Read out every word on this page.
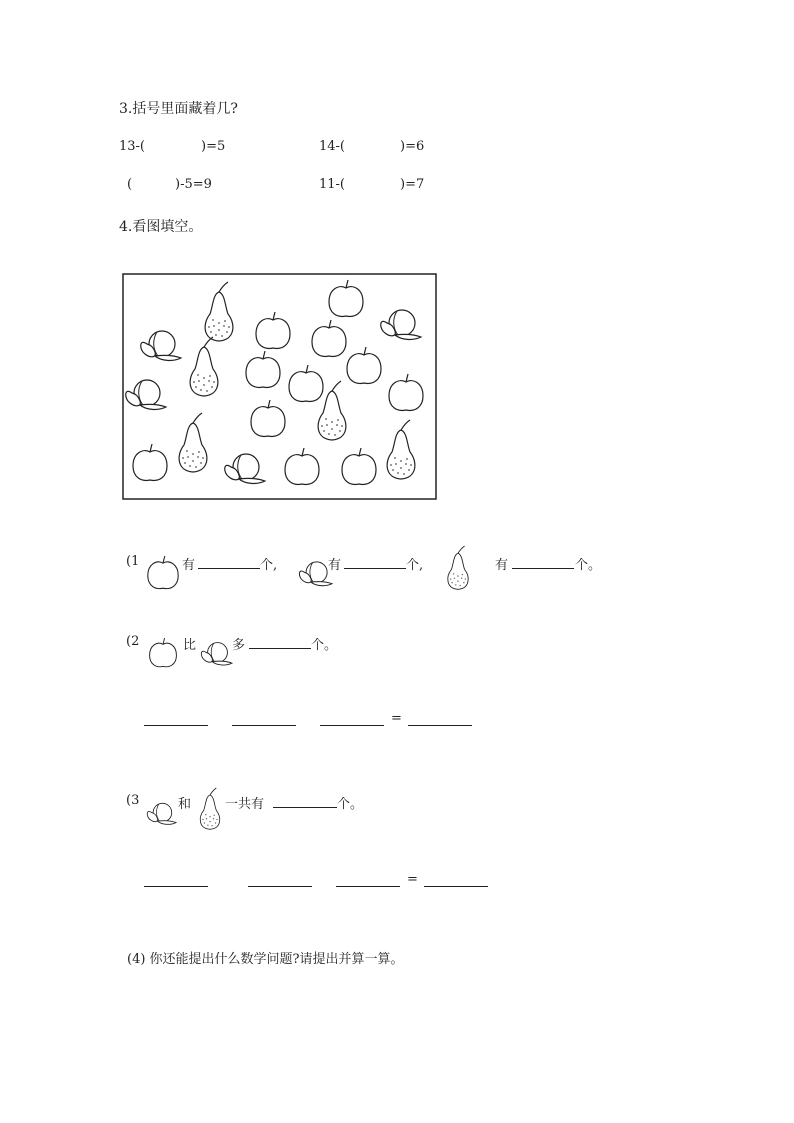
3.括号里面藏着几?
13-(	)=5	14-(	)=6
(	)-5=9	11-(	)=7
4.看图填空。
(1	有	个,	有	个,	有	个。
(2	比	多	个。
=
(3	和	一共有	个。
=
(4) 你还能提出什么数学问题?请提出并算一算。
